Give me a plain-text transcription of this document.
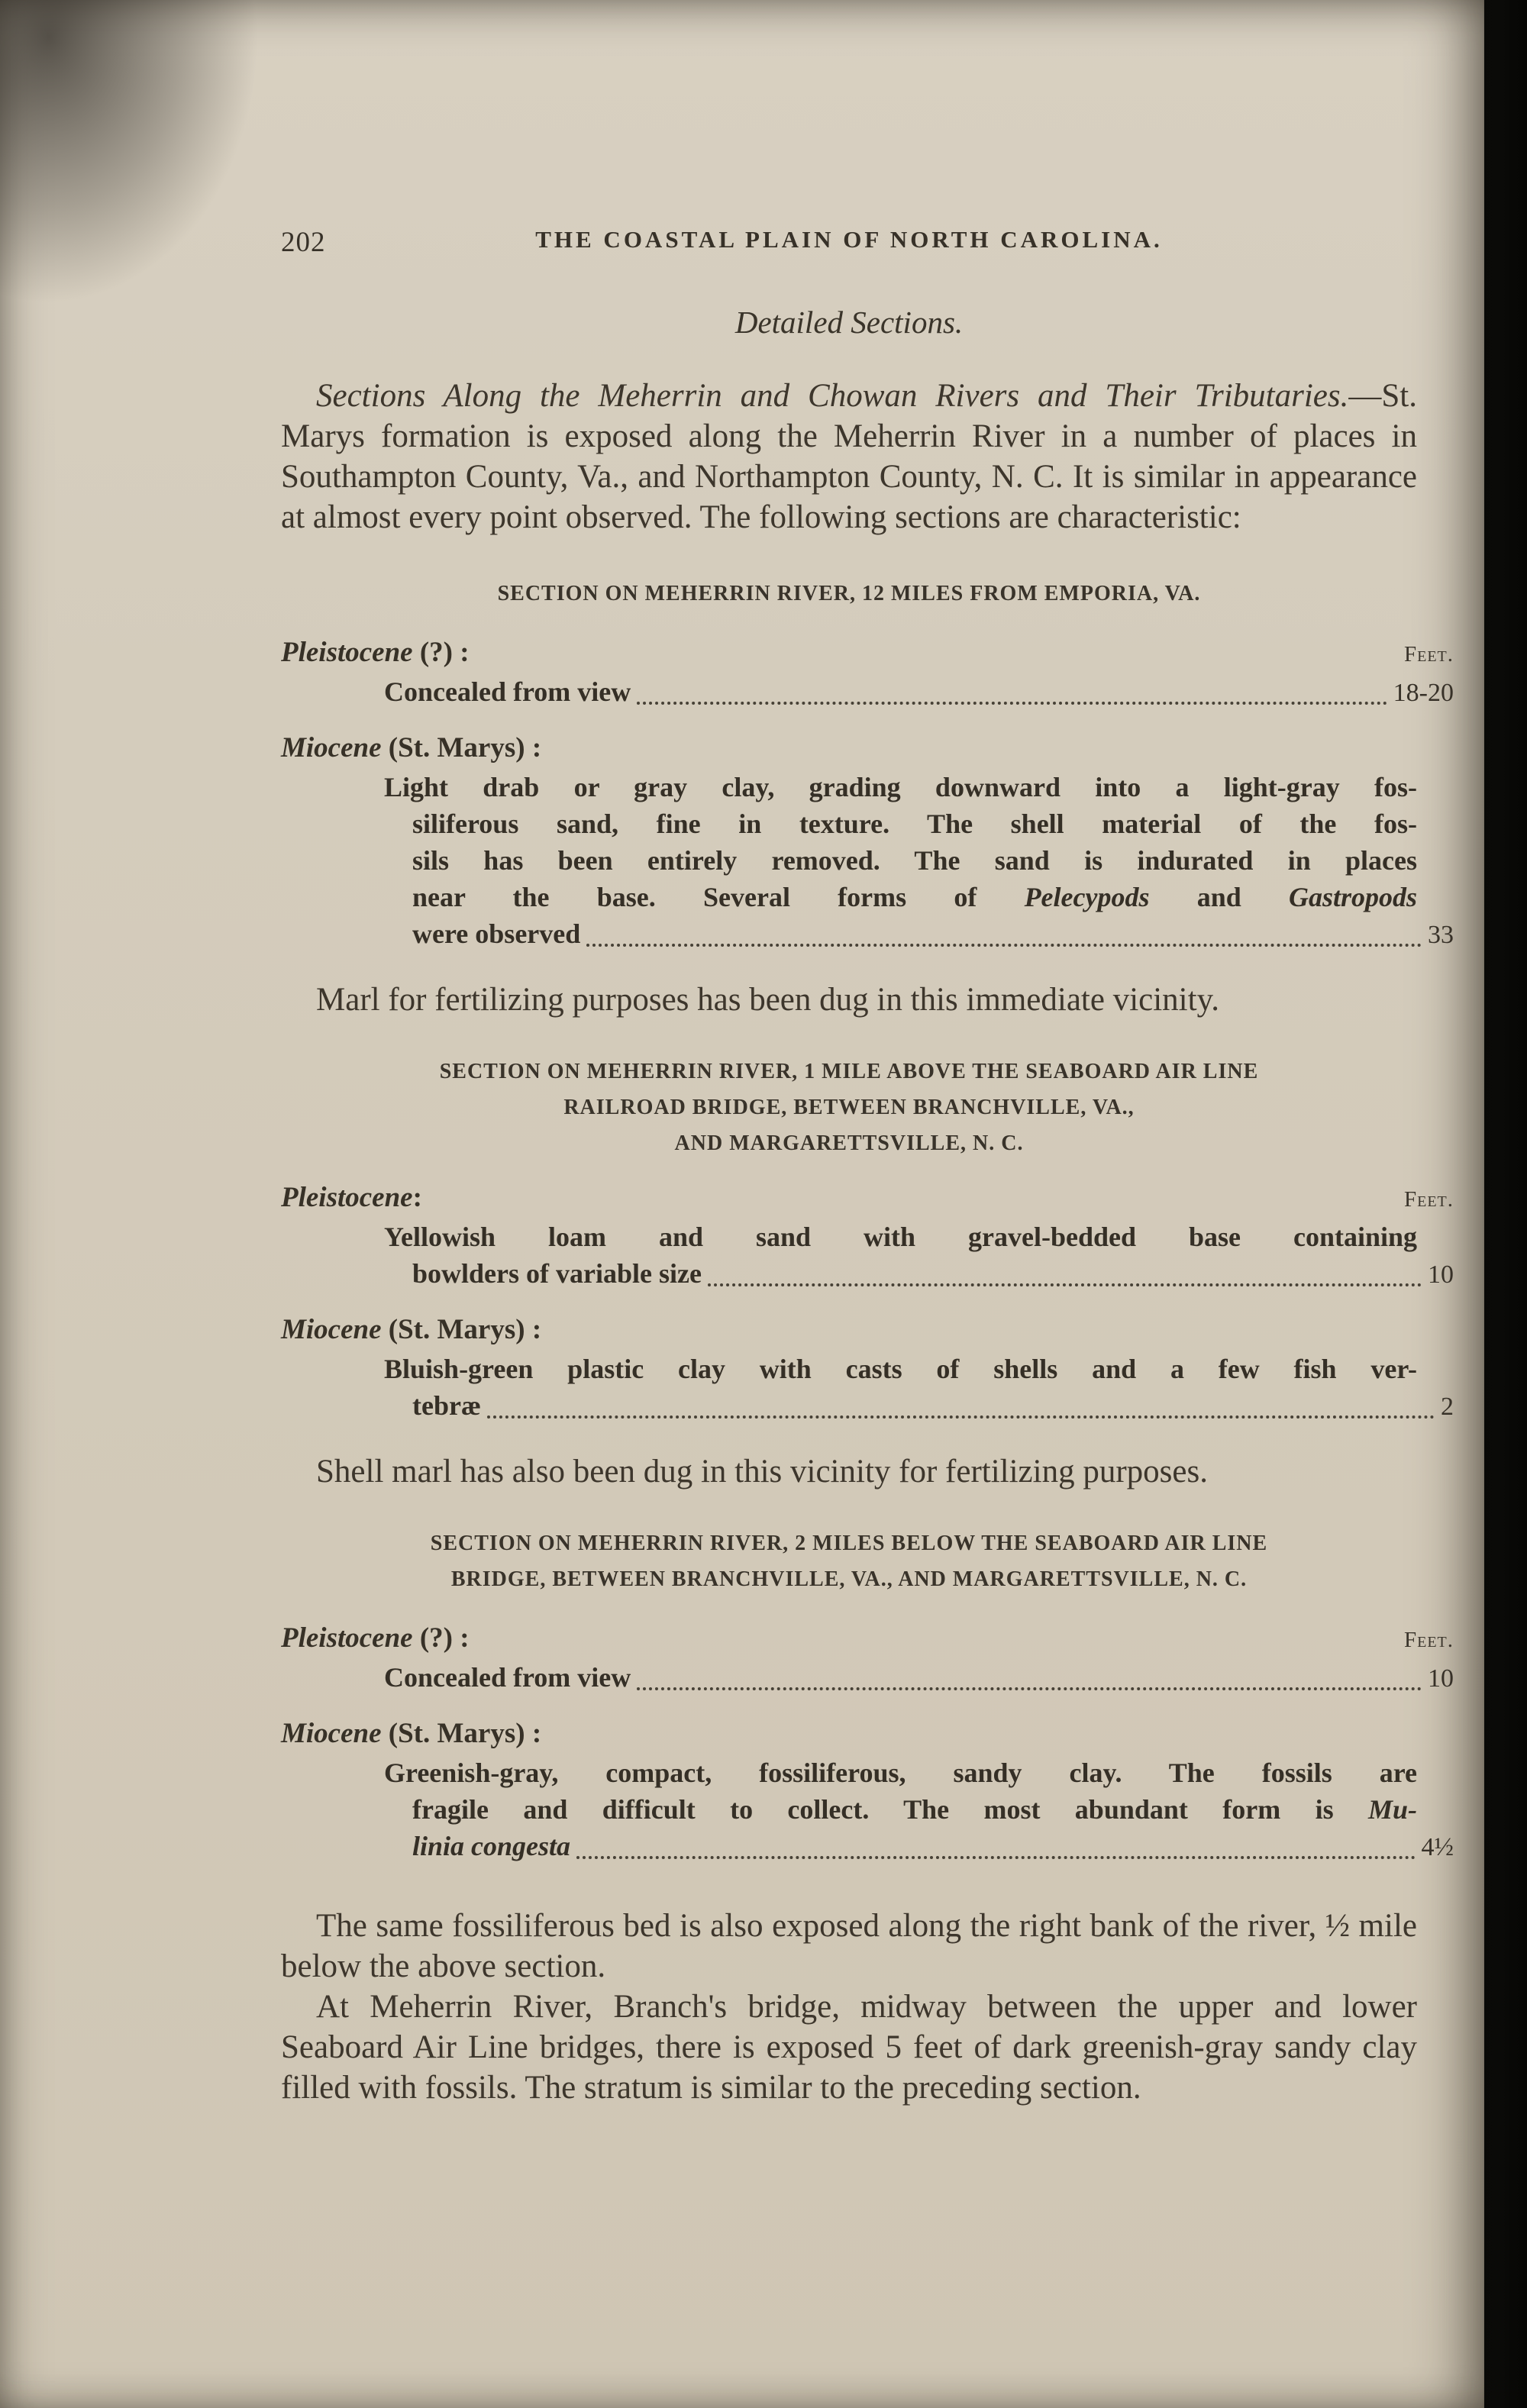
202	THE COASTAL PLAIN OF NORTH CAROLINA.
Detailed Sections.

Sections Along the Meherrin and Chowan Rivers and Their Tributaries.—St. Marys formation is exposed along the Meherrin River in a number of places in Southampton County, Va., and Northampton County, N. C. It is similar in appearance at almost every point observed. The following sections are characteristic:

SECTION ON MEHERRIN RIVER, 12 MILES FROM EMPORIA, VA.
Pleistocene (?) :	Feet.
Concealed from view	18-20
Miocene (St. Marys) :
Light drab or gray clay, grading downward into a light-gray fos-
siliferous sand, fine in texture. The shell material of the fos-
sils has been entirely removed. The sand is indurated in places
near the base. Several forms of Pelecypods and Gastropods
were observed	33

Marl for fertilizing purposes has been dug in this immediate vicinity.

SECTION ON MEHERRIN RIVER, 1 MILE ABOVE THE SEABOARD AIR LINE
RAILROAD BRIDGE, BETWEEN BRANCHVILLE, VA.,
AND MARGARETTSVILLE, N. C.
Pleistocene:	Feet.
Yellowish loam and sand with gravel-bedded base containing
bowlders of variable size	10
Miocene (St. Marys) :
Bluish-green plastic clay with casts of shells and a few fish ver-
tebræ	2

Shell marl has also been dug in this vicinity for fertilizing purposes.

SECTION ON MEHERRIN RIVER, 2 MILES BELOW THE SEABOARD AIR LINE
BRIDGE, BETWEEN BRANCHVILLE, VA., AND MARGARETTSVILLE, N. C.
Pleistocene (?) :	Feet.
Concealed from view	10
Miocene (St. Marys) :
Greenish-gray, compact, fossiliferous, sandy clay. The fossils are
fragile and difficult to collect. The most abundant form is Mu-
linia congesta	4½

The same fossiliferous bed is also exposed along the right bank of the river, ½ mile below the above section.

At Meherrin River, Branch's bridge, midway between the upper and lower Seaboard Air Line bridges, there is exposed 5 feet of dark greenish-gray sandy clay filled with fossils. The stratum is similar to the preceding section.
